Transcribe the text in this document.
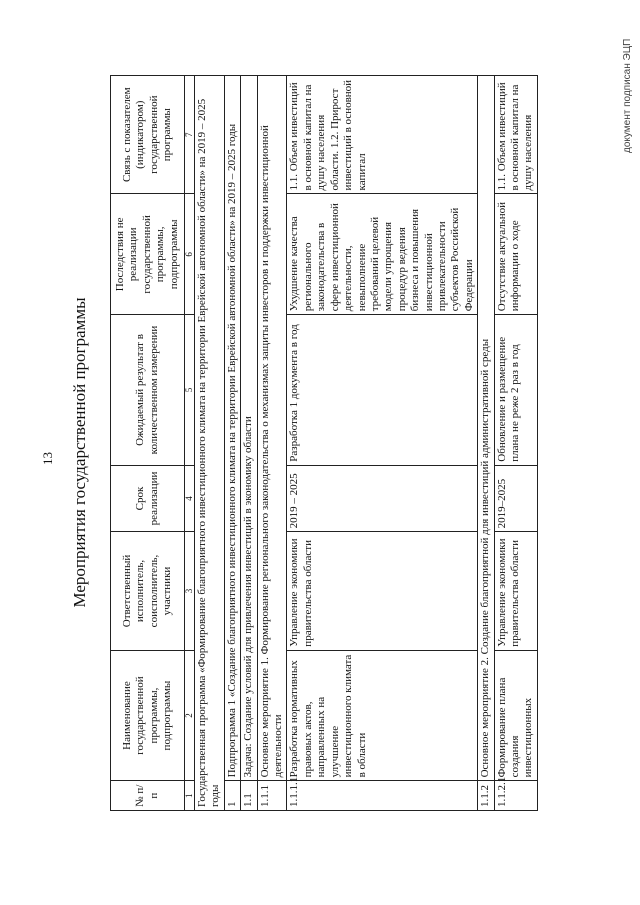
13 Мероприятия государственной программы
№ п/п	Наименование государственной программы, подпрограммы	Ответственный исполнитель, соисполнитель, участники	Срок реализации	Ожидаемый результат в количественном измерении	Последствия не реализации государственной программы, подпрограммы	Связь с показателем (индикатором) государственной программы
1	2	3	4	5	6	7
Государственная программа «Формирование благоприятного инвестиционного климата на территории Еврейской автономной области» на 2019 – 2025 годы						
1	Подпрограмма 1 «Создание благоприятного инвестиционного климата на территории Еврейской автономной области» на 2019 – 2025 годы					
1.1	Задача: Создание условий для привлечения инвестиций в экономику области					
1.1.1	Основное мероприятие 1. Формирование регионального законодательства о механизмах защиты инвесторов и поддержки инвестиционной деятельности					
1.1.1.1	Разработка нормативных правовых актов, направленных на улучшение инвестиционного климата в области	Управление экономики правительства области	2019 – 2025	Разработка 1 документа в год	Ухудшение качества регионального законодательства в сфере инвестиционной деятельности, невыполнение требований целевой модели упрощения процедур ведения бизнеса и повышения инвестиционной привлекательности субъектов Российской Федерации	1.1. Объем инвестиций в основной капитал на душу населения области. 1.2. Прирост инвестиций в основной капитал
1.1.2	Основное мероприятие 2. Создание благоприятной для инвестиций административной среды					
1.1.2.1	Формирование плана создания инвестиционных	Управление экономики правительства области	2019–2025	Обновление и размещение плана не реже 2 раз в год	Отсутствие актуальной информации о ходе	1.1. Объем инвестиций в основной капитал на душу населения	документ подписан ЭЦП
